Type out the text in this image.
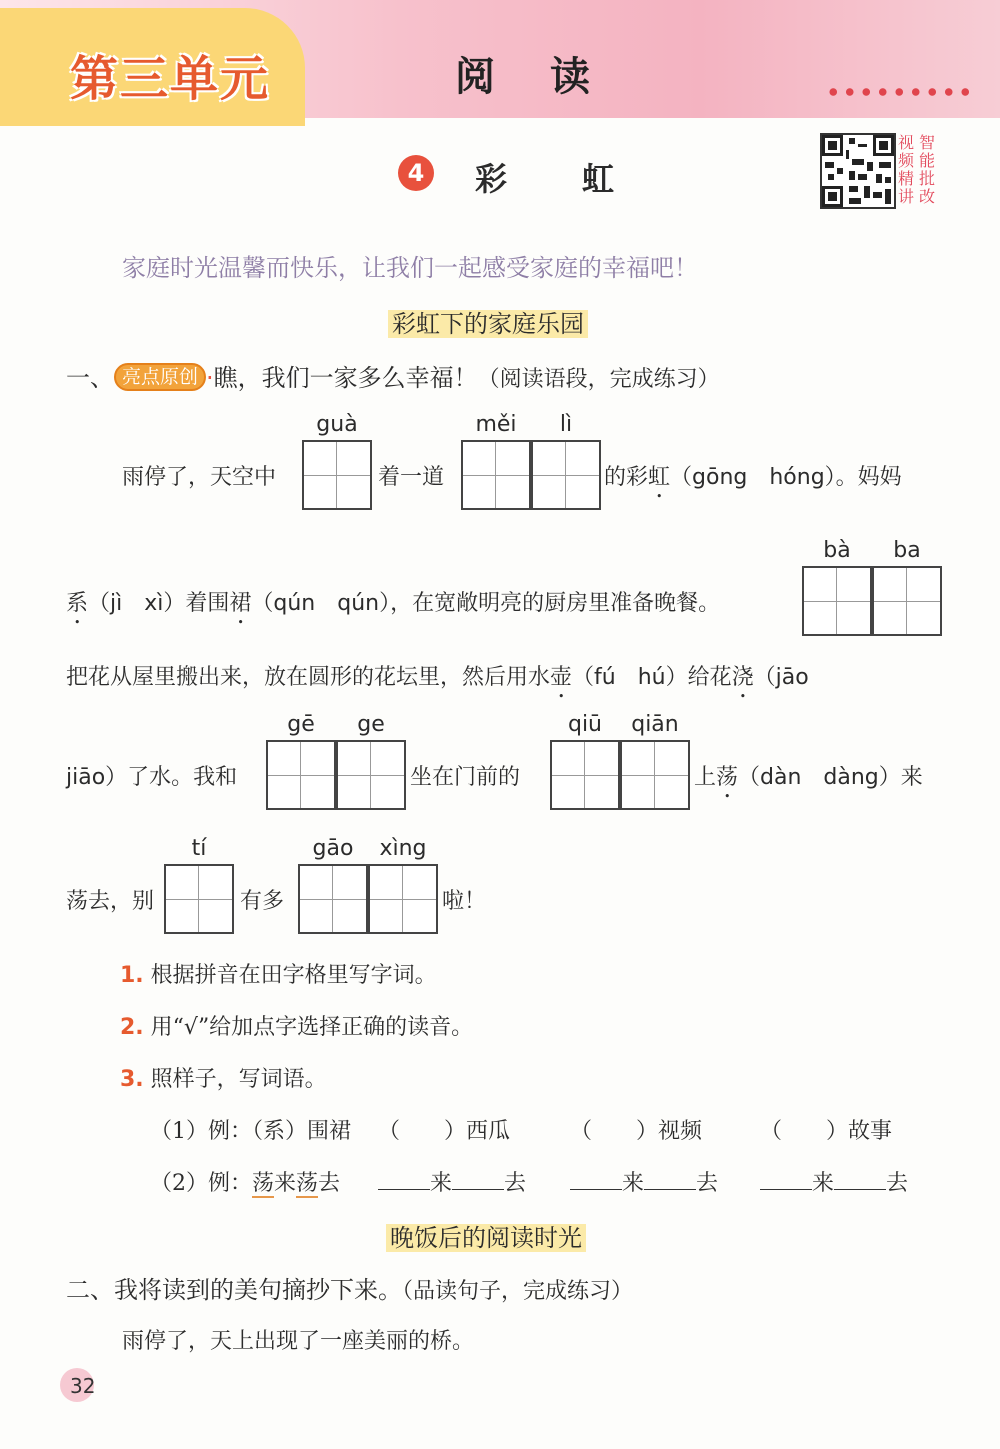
第三单元	阅读
4	彩虹
视 智
频 能
精 批
讲 改
家庭时光温馨而快乐，让我们一起感受家庭的幸福吧！
彩虹下的家庭乐园
一、 亮点原创 ·瞧，我们一家多么幸福！（阅读语段，完成练习）
guà	měi	lì
雨停了，天空中	着一道	的彩虹（gōng　hóng）。妈妈
bà	ba
系（jì　xì）着围裙（qún　qún），在宽敞明亮的厨房里准备晚餐。
把花从屋里搬出来，放在圆形的花坛里，然后用水壶（fú　hú）给花浇（jāo
gē	ge	qiū	qiān
jiāo）了水。我和	坐在门前的	上荡（dàn　dàng）来
tí	gāo	xìng
荡去，别	有多	啦！
1. 根据拼音在田字格里写字词。
2. 用“√”给加点字选择正确的读音。
3. 照样子，写词语。
（1）例：（系）围裙 （　　）西瓜	（　　）视频	（　　）故事
（2）例：荡来荡去	来 去	来 去	来 去
晚饭后的阅读时光
二、我将读到的美句摘抄下来。（品读句子，完成练习）
雨停了，天上出现了一座美丽的桥。
32
